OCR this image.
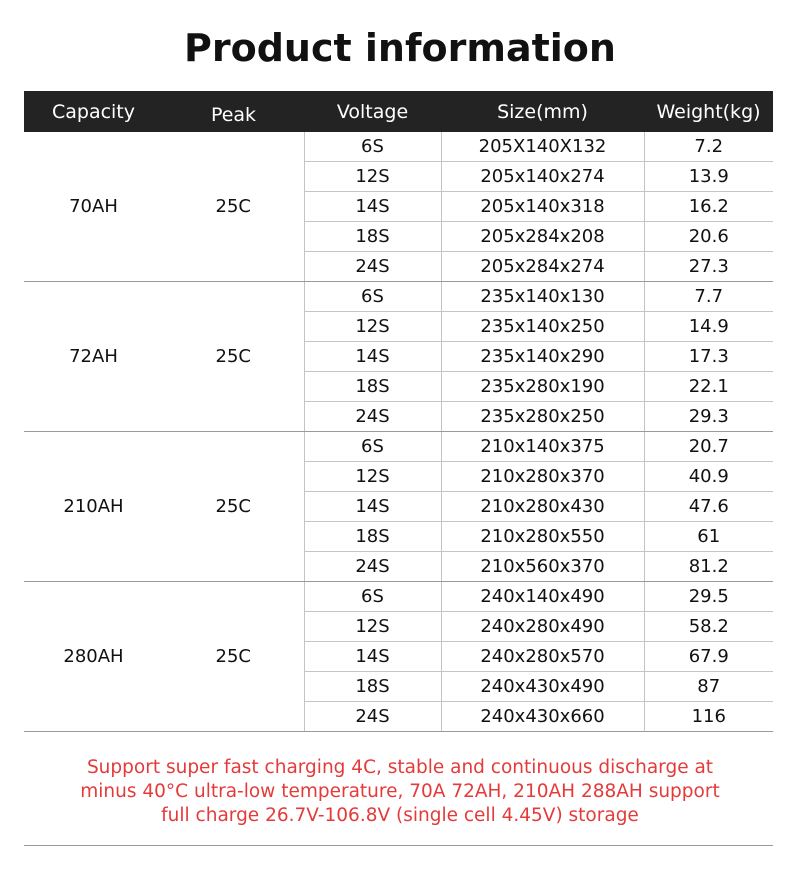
Product information
Capacity	Peak	Voltage	Size(mm)	Weight(kg)
70AH	25C	6S	205X140X132	7.2
		12S	205x140x274	13.9
		14S	205x140x318	16.2
		18S	205x284x208	20.6
		24S	205x284x274	27.3
72AH	25C	6S	235x140x130	7.7
		12S	235x140x250	14.9
		14S	235x140x290	17.3
		18S	235x280x190	22.1
		24S	235x280x250	29.3
210AH	25C	6S	210x140x375	20.7
		12S	210x280x370	40.9
		14S	210x280x430	47.6
		18S	210x280x550	61
		24S	210x560x370	81.2
280AH	25C	6S	240x140x490	29.5
		12S	240x280x490	58.2
		14S	240x280x570	67.9
		18S	240x430x490	87
		24S	240x430x660	116
Support super fast charging 4C, stable and continuous discharge at
minus 40°C ultra-low temperature, 70A 72AH, 210AH 288AH support
full charge 26.7V-106.8V (single cell 4.45V) storage
